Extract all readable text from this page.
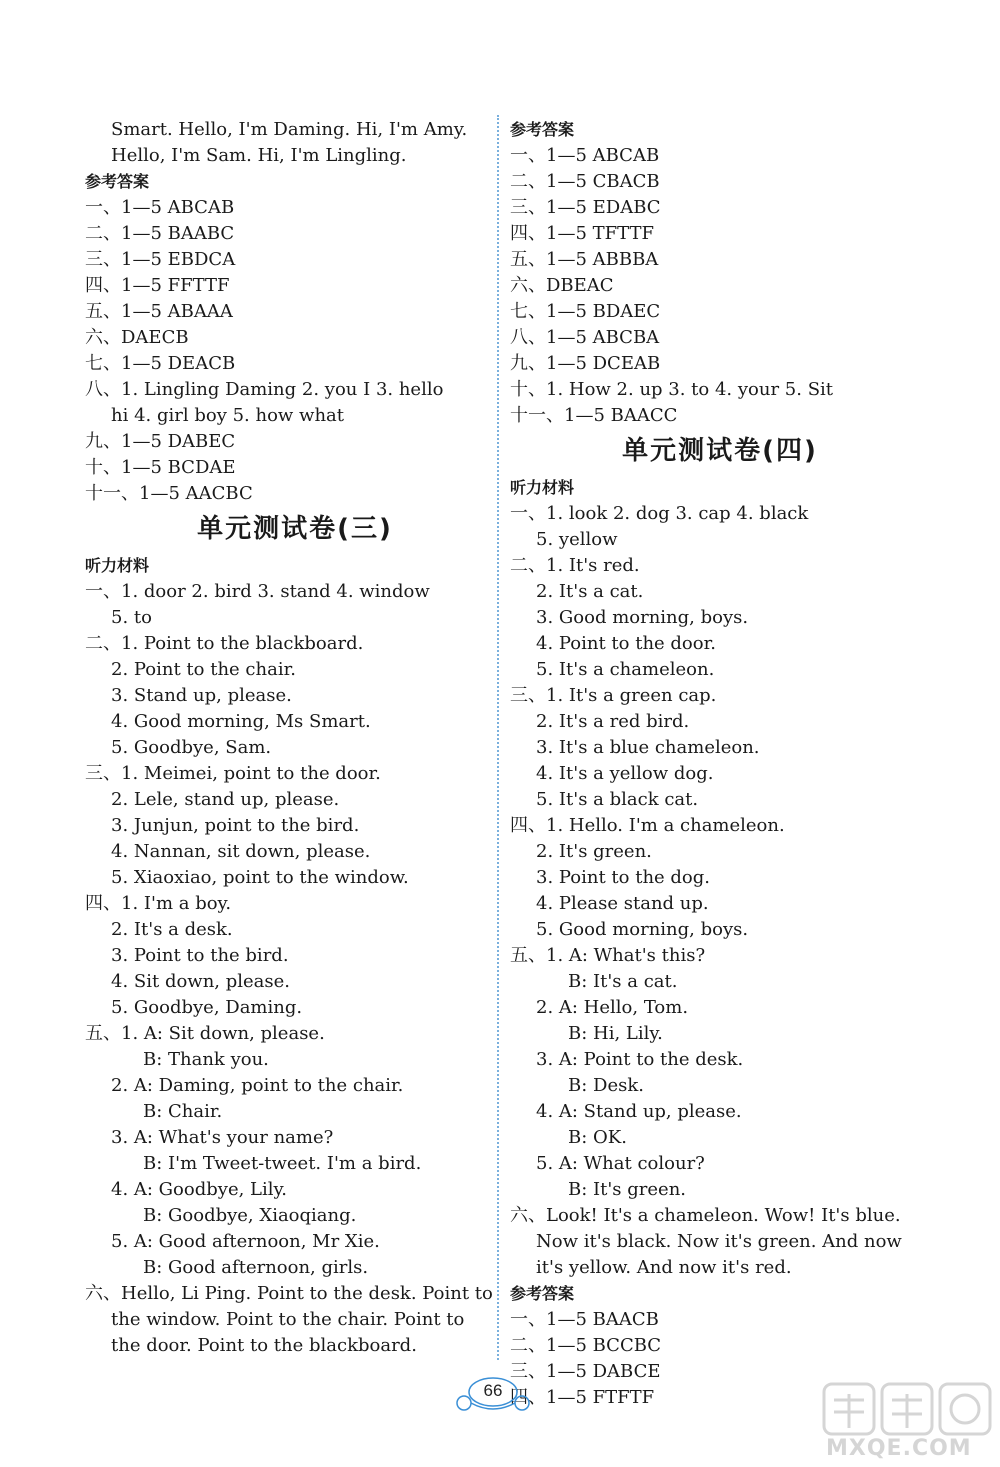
Smart. Hello, I'm Daming. Hi, I'm Amy.
Hello, I'm Sam. Hi, I'm Lingling.
参考答案
一、1—5 ABCAB
二、1—5 BAABC
三、1—5 EBDCA
四、1—5 FFTTF
五、1—5 ABAAA
六、DAECB
七、1—5 DEACB
八、1. Lingling Daming 2. you I 3. hello
hi 4. girl boy 5. how what
九、1—5 DABEC
十、1—5 BCDAE
十一、1—5 AACBC
单元测试卷(三)
听力材料
一、1. door 2. bird 3. stand 4. window
5. to
二、1. Point to the blackboard.
2. Point to the chair.
3. Stand up, please.
4. Good morning, Ms Smart.
5. Goodbye, Sam.
三、1. Meimei, point to the door.
2. Lele, stand up, please.
3. Junjun, point to the bird.
4. Nannan, sit down, please.
5. Xiaoxiao, point to the window.
四、1. I'm a boy.
2. It's a desk.
3. Point to the bird.
4. Sit down, please.
5. Goodbye, Daming.
五、1. A: Sit down, please.
B: Thank you.
2. A: Daming, point to the chair.
B: Chair.
3. A: What's your name?
B: I'm Tweet-tweet. I'm a bird.
4. A: Goodbye, Lily.
B: Goodbye, Xiaoqiang.
5. A: Good afternoon, Mr Xie.
B: Good afternoon, girls.
六、Hello, Li Ping. Point to the desk. Point to
the window. Point to the chair. Point to
the door. Point to the blackboard.
参考答案
一、1—5 ABCAB
二、1—5 CBACB
三、1—5 EDABC
四、1—5 TFTTF
五、1—5 ABBBA
六、DBEAC
七、1—5 BDAEC
八、1—5 ABCBA
九、1—5 DCEAB
十、1. How 2. up 3. to 4. your 5. Sit
十一、1—5 BAACC
单元测试卷(四)
听力材料
一、1. look 2. dog 3. cap 4. black
5. yellow
二、1. It's red.
2. It's a cat.
3. Good morning, boys.
4. Point to the door.
5. It's a chameleon.
三、1. It's a green cap.
2. It's a red bird.
3. It's a blue chameleon.
4. It's a yellow dog.
5. It's a black cat.
四、1. Hello. I'm a chameleon.
2. It's green.
3. Point to the dog.
4. Please stand up.
5. Good morning, boys.
五、1. A: What's this?
B: It's a cat.
2. A: Hello, Tom.
B: Hi, Lily.
3. A: Point to the desk.
B: Desk.
4. A: Stand up, please.
B: OK.
5. A: What colour?
B: It's green.
六、Look! It's a chameleon. Wow! It's blue.
Now it's black. Now it's green. And now
it's yellow. And now it's red.
参考答案
一、1—5 BAACB
二、1—5 BCCBC
三、1—5 DABCE
四、1—5 FTFTF
66
MXQE.COM
